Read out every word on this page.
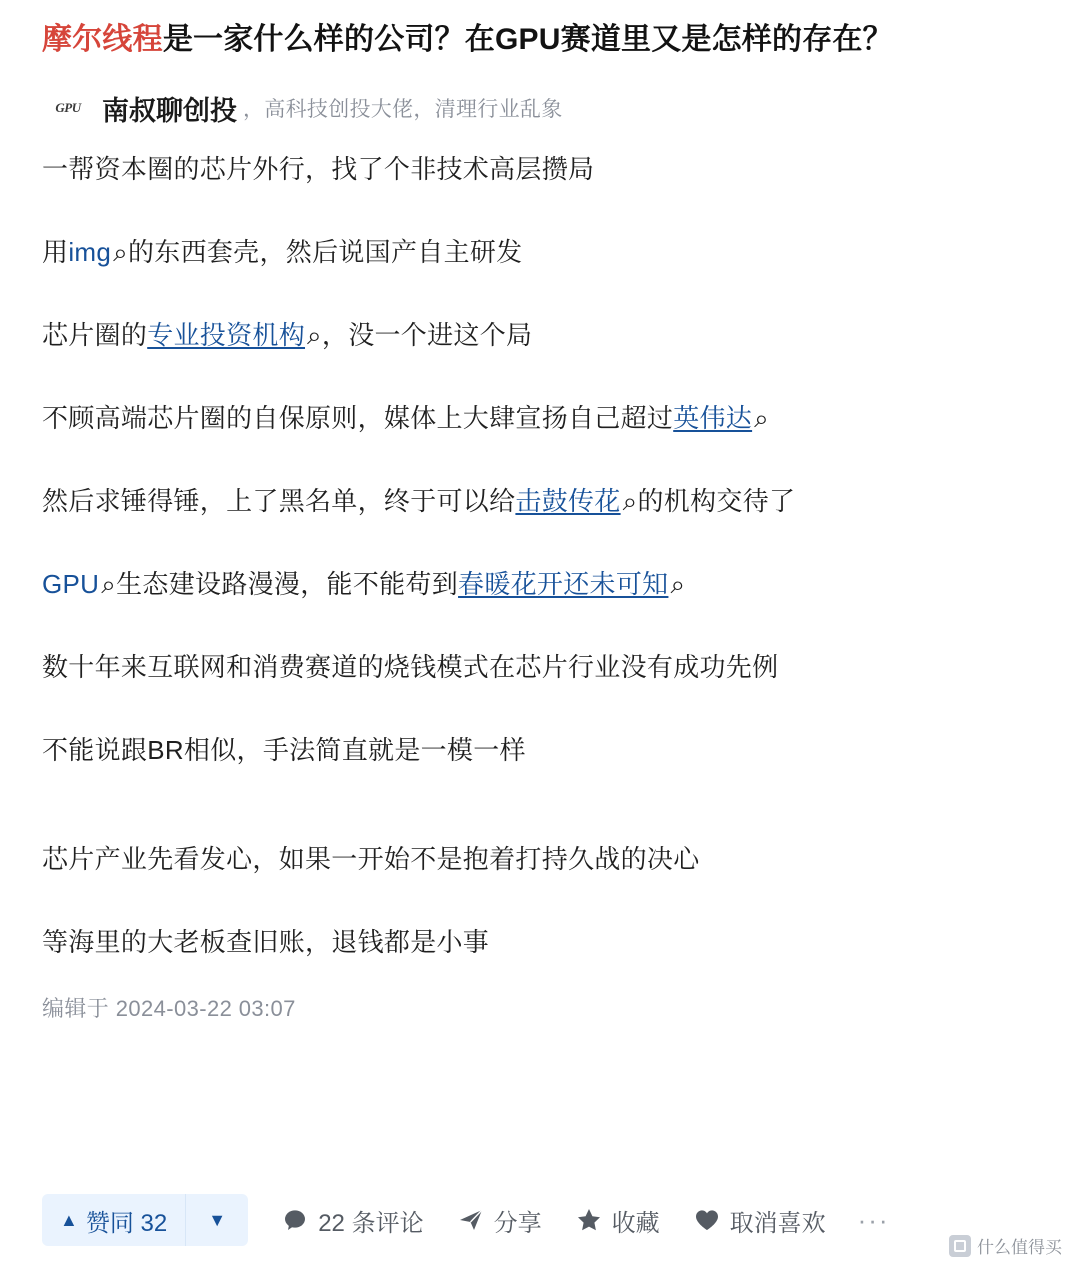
摩尔线程是一家什么样的公司？在GPU赛道里又是怎样的存在？
GPU 南叔聊创投 ，高科技创投大佬，清理行业乱象
一帮资本圈的芯片外行，找了个非技术高层攒局
用img⌕的东西套壳，然后说国产自主研发
芯片圈的专业投资机构⌕，没一个进这个局
不顾高端芯片圈的自保原则，媒体上大肆宣扬自己超过英伟达⌕
然后求锤得锤，上了黑名单，终于可以给击鼓传花⌕的机构交待了
GPU⌕生态建设路漫漫，能不能苟到春暖花开还未可知⌕
数十年来互联网和消费赛道的烧钱模式在芯片行业没有成功先例
不能说跟BR相似，手法简直就是一模一样
芯片产业先看发心，如果一开始不是抱着打持久战的决心
等海里的大老板查旧账，退钱都是小事
编辑于 2024-03-22 03:07
▲ 赞同 32 ▼	22 条评论	分享	收藏	取消喜欢 ···
什么值得买
